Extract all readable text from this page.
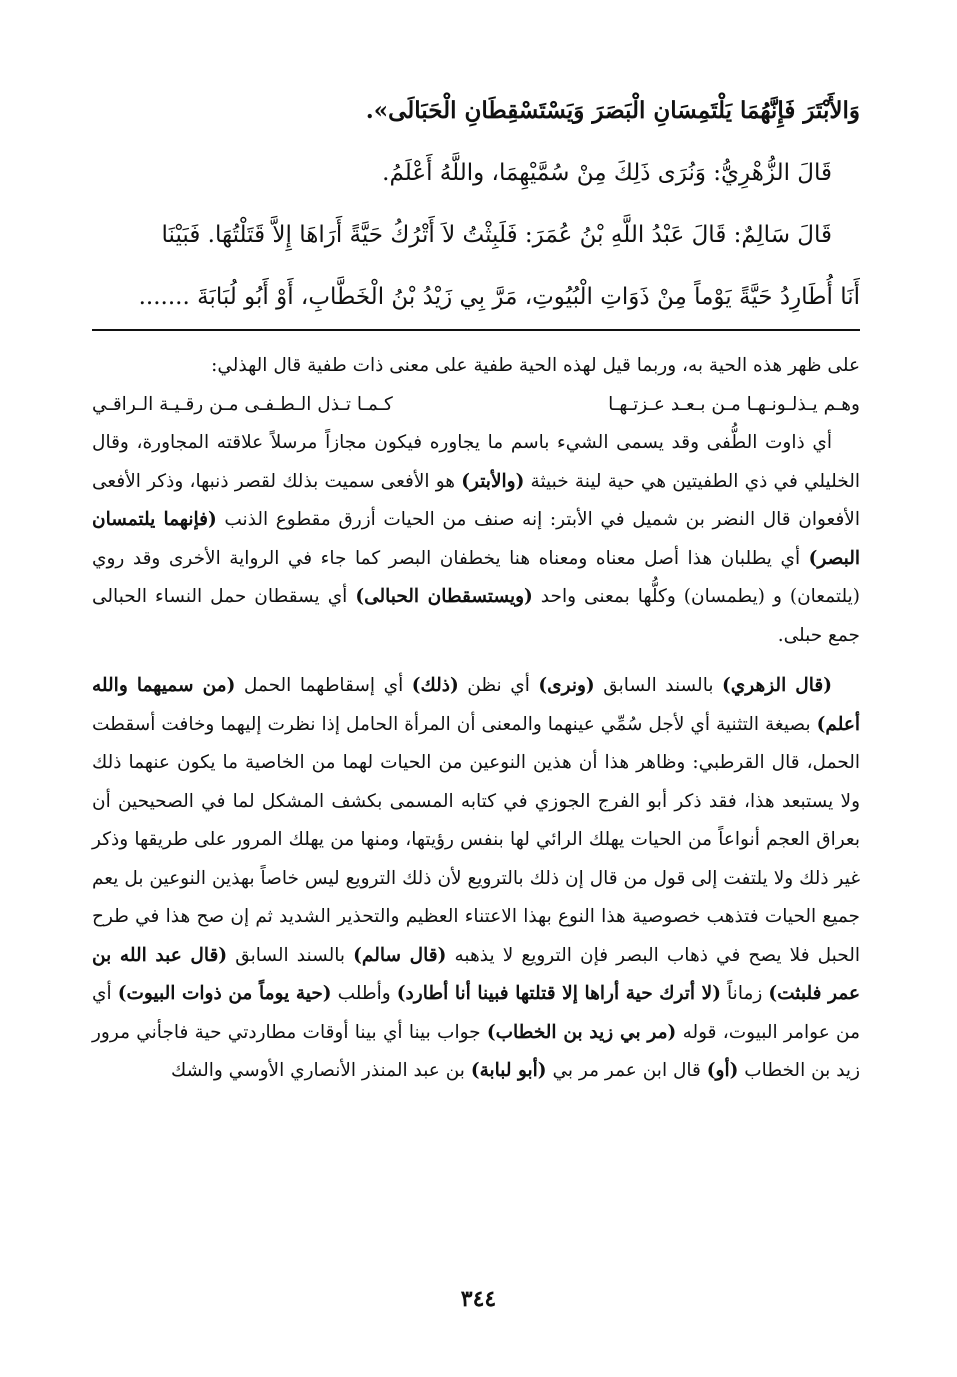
وَالأَبْتَرَ فَإِنَّهُمَا يَلْتَمِسَانِ الْبَصَرَ وَيَسْتَسْقِطَانِ الْحَبَالَى».
قَالَ الزُّهْرِيُّ: وَنُرَى ذَلِكَ مِنْ سُمَّيْهِمَا، واللَّهُ أَعْلَمُ.
قَالَ سَالِمٌ: قَالَ عَبْدُ اللَّهِ بْنُ عُمَرَ: فَلَبِثْتُ لاَ أَتْرُكُ حَيَّةً أَرَاهَا إِلاَّ قَتَلْتُهَا. فَبَيْنَا
أَنَا أُطَارِدُ حَيَّةً يَوْماً مِنْ ذَوَاتِ الْبُيُوتِ، مَرَّ بِي زَيْدُ بْنُ الْخَطَّابِ، أَوْ أَبُو لُبَابَةَ .......

على ظهر هذه الحية به، وربما قيل لهذه الحية طفية على معنى ذات طفية قال الهذلي:

وهـم يـذلـونـهـا مـن بـعـد عـزتـهـا
كـمـا تـذل الـطـفـى مـن رقـيـة الـراقـي

أي ذاوت الطُّفى وقد يسمى الشيء باسم ما يجاوره فيكون مجازاً مرسلاً علاقته المجاورة، وقال الخليلي في ذي الطفيتين هي حية لينة خبيثة (والأبتر) هو الأفعى سميت بذلك لقصر ذنبها، وذكر الأفعى الأفعوان قال النضر بن شميل في الأبتر: إنه صنف من الحيات أزرق مقطوع الذنب (فإنهما يلتمسان البصر) أي يطلبان هذا أصل معناه ومعناه هنا يخطفان البصر كما جاء في الرواية الأخرى وقد روي (يلتمعان) و (يطمسان) وكلُّها بمعنى واحد (ويستسقطان الحبالى) أي يسقطان حمل النساء الحبالى جمع حبلى.

(قال الزهري) بالسند السابق (ونرى) أي نظن (ذلك) أي إسقاطهما الحمل (من سميهما والله أعلم) بصيغة التثنية أي لأجل سُمِّي عينهما والمعنى أن المرأة الحامل إذا نظرت إليهما وخافت أسقطت الحمل، قال القرطبي: وظاهر هذا أن هذين النوعين من الحيات لهما من الخاصية ما يكون عنهما ذلك ولا يستبعد هذا، فقد ذكر أبو الفرج الجوزي في كتابه المسمى بكشف المشكل لما في الصحيحين أن بعراق العجم أنواعاً من الحيات يهلك الرائي لها بنفس رؤيتها، ومنها من يهلك المرور على طريقها وذكر غير ذلك ولا يلتفت إلى قول من قال إن ذلك بالترويع لأن ذلك الترويع ليس خاصاً بهذين النوعين بل يعم جميع الحيات فتذهب خصوصية هذا النوع بهذا الاعتناء العظيم والتحذير الشديد ثم إن صح هذا في طرح الحبل فلا يصح في ذهاب البصر فإن الترويع لا يذهبه (قال سالم) بالسند السابق (قال عبد الله بن عمر فلبثت) زماناً (لا أترك حية أراها إلا قتلتها فبينا أنا أطارد) وأطلب (حية يوماً من ذوات البيوت) أي من عوامر البيوت، قوله (مر بي زيد بن الخطاب) جواب بينا أي بينا أوقات مطاردتي حية فاجأني مرور زيد بن الخطاب (أو) قال ابن عمر مر بي (أبو لبابة) بن عبد المنذر الأنصاري الأوسي والشك

٣٤٤
